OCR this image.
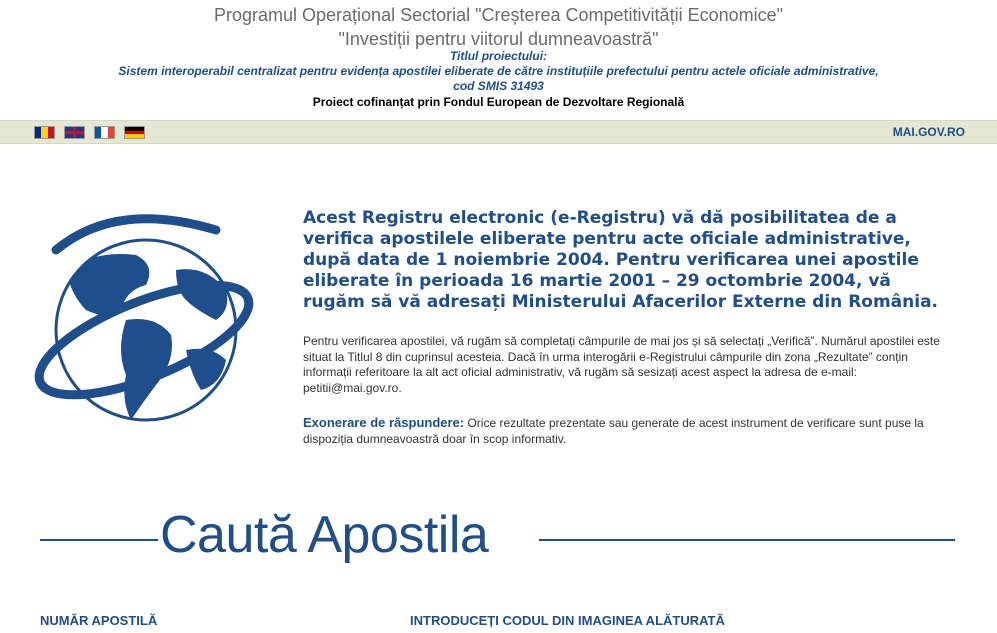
Programul Operațional Sectorial "Creșterea Competitivității Economice"
"Investiții pentru viitorul dumneavoastră"
Titlul proiectului:
Sistem interoperabil centralizat pentru evidența apostilei eliberate de către instituțiile prefectului pentru actele oficiale administrative,
cod SMIS 31493
Proiect cofinanțat prin Fondul European de Dezvoltare Regională
MAI.GOV.RO
Acest Registru electronic (e-Registru) vă dă posibilitatea de a verifica apostilele eliberate pentru acte oficiale administrative, după data de 1 noiembrie 2004. Pentru verificarea unei apostile eliberate în perioada 16 martie 2001 – 29 octombrie 2004, vă rugăm să vă adresați Ministerului Afacerilor Externe din România.
Pentru verificarea apostilei, vă rugăm să completați câmpurile de mai jos și să selectați „Verifică”. Numărul apostilei este situat la Titlul 8 din cuprinsul acesteia. Dacă în urma interogării e-Registrului câmpurile din zona „Rezultate” conțin informații referitoare la alt act oficial administrativ, vă rugăm să sesizați acest aspect la adresa de e-mail: petitii@mai.gov.ro.
Exonerare de răspundere: Orice rezultate prezentate sau generate de acest instrument de verificare sunt puse la dispoziția dumneavoastră doar în scop informativ.
Caută Apostila
NUMĂR APOSTILĂ	INTRODUCEȚI CODUL DIN IMAGINEA ALĂTURATĂ
